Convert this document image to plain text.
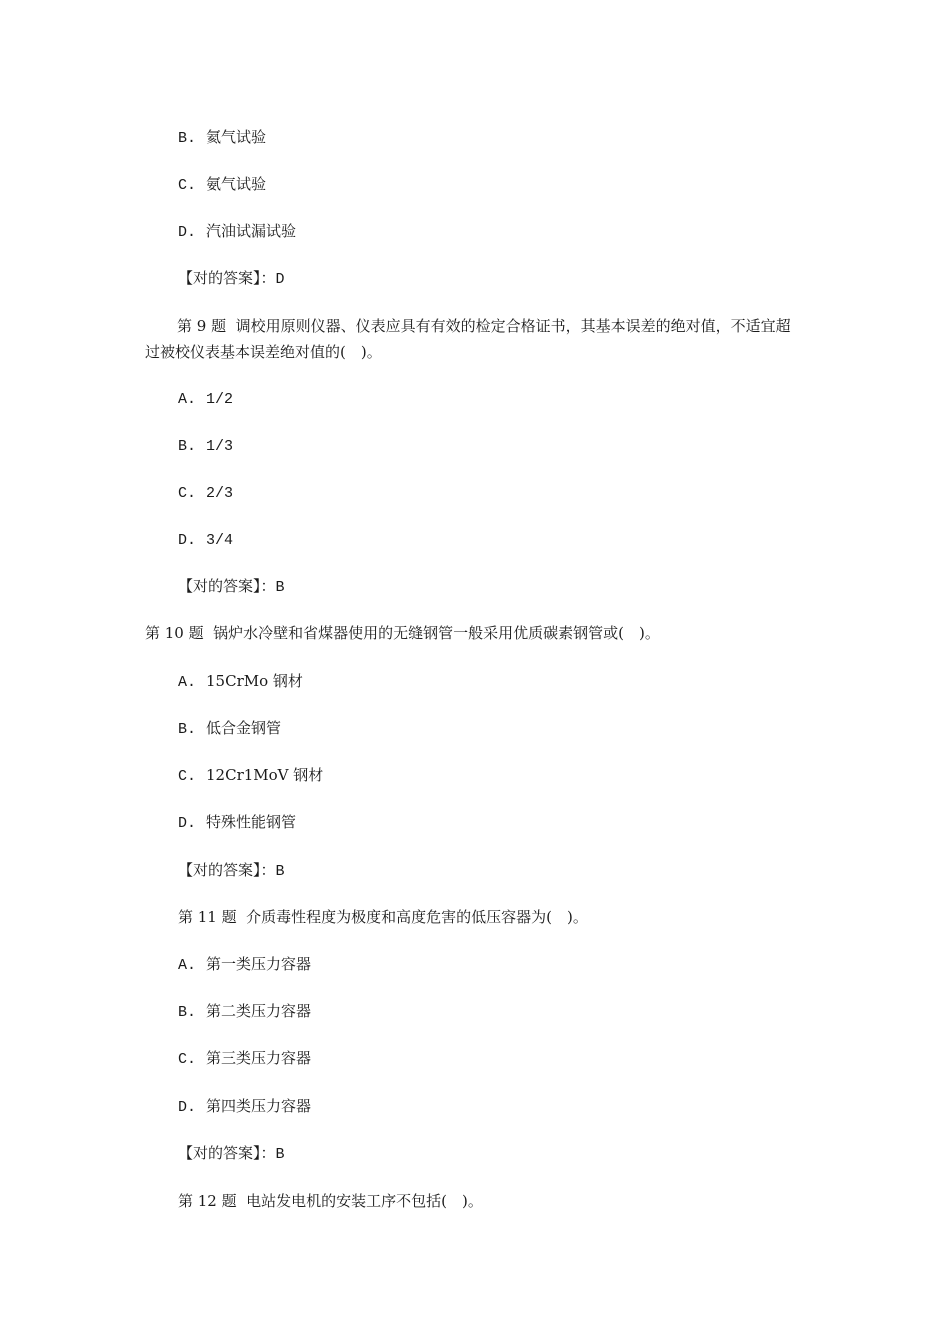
B. 氦气试验
C. 氨气试验
D. 汽油试漏试验
【对的答案】：D
第 9 题 调校用原则仪器、仪表应具有有效的检定合格证书，其基本误差的绝对值，不适宜超过被校仪表基本误差绝对值的(　)。
A. 1/2
B. 1/3
C. 2/3
D. 3/4
【对的答案】：B
第 10 题 锅炉水冷壁和省煤器使用的无缝钢管一般采用优质碳素钢管或(　)。
A. 15CrMo 钢材
B. 低合金钢管
C. 12Cr1MoV 钢材
D. 特殊性能钢管
【对的答案】：B
第 11 题 介质毒性程度为极度和高度危害的低压容器为(　)。
A. 第一类压力容器
B. 第二类压力容器
C. 第三类压力容器
D. 第四类压力容器
【对的答案】：B
第 12 题 电站发电机的安装工序不包括(　)。
